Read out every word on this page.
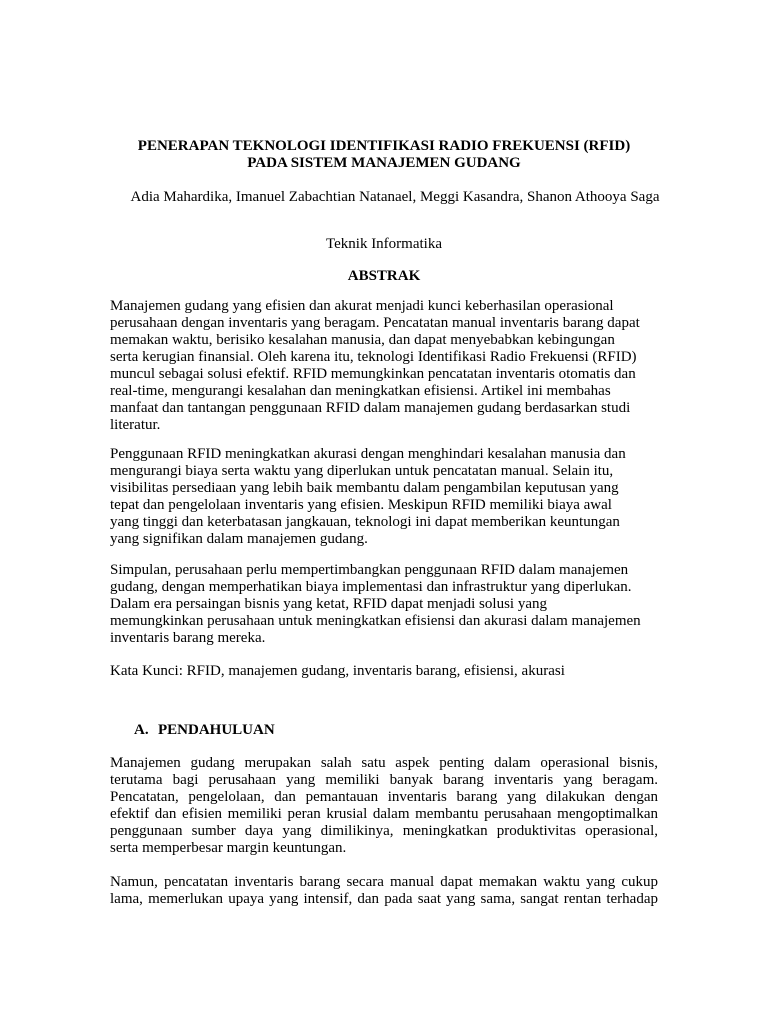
PENERAPAN TEKNOLOGI IDENTIFIKASI RADIO FREKUENSI (RFID)
PADA SISTEM MANAJEMEN GUDANG
Adia Mahardika, Imanuel Zabachtian Natanael, Meggi Kasandra, Shanon Athooya Saga
Teknik Informatika
ABSTRAK

Manajemen gudang yang efisien dan akurat menjadi kunci keberhasilan operasional
perusahaan dengan inventaris yang beragam. Pencatatan manual inventaris barang dapat
memakan waktu, berisiko kesalahan manusia, dan dapat menyebabkan kebingungan
serta kerugian finansial. Oleh karena itu, teknologi Identifikasi Radio Frekuensi (RFID)
muncul sebagai solusi efektif. RFID memungkinkan pencatatan inventaris otomatis dan
real-time, mengurangi kesalahan dan meningkatkan efisiensi. Artikel ini membahas
manfaat dan tantangan penggunaan RFID dalam manajemen gudang berdasarkan studi
literatur.

Penggunaan RFID meningkatkan akurasi dengan menghindari kesalahan manusia dan
mengurangi biaya serta waktu yang diperlukan untuk pencatatan manual. Selain itu,
visibilitas persediaan yang lebih baik membantu dalam pengambilan keputusan yang
tepat dan pengelolaan inventaris yang efisien. Meskipun RFID memiliki biaya awal
yang tinggi dan keterbatasan jangkauan, teknologi ini dapat memberikan keuntungan
yang signifikan dalam manajemen gudang.

Simpulan, perusahaan perlu mempertimbangkan penggunaan RFID dalam manajemen
gudang, dengan memperhatikan biaya implementasi dan infrastruktur yang diperlukan.
Dalam era persaingan bisnis yang ketat, RFID dapat menjadi solusi yang
memungkinkan perusahaan untuk meningkatkan efisiensi dan akurasi dalam manajemen
inventaris barang mereka.

Kata Kunci: RFID, manajemen gudang, inventaris barang, efisiensi, akurasi

A. PENDAHULUAN

Manajemen gudang merupakan salah satu aspek penting dalam operasional bisnis,
terutama bagi perusahaan yang memiliki banyak barang inventaris yang beragam.
Pencatatan, pengelolaan, dan pemantauan inventaris barang yang dilakukan dengan
efektif dan efisien memiliki peran krusial dalam membantu perusahaan mengoptimalkan
penggunaan sumber daya yang dimilikinya, meningkatkan produktivitas operasional,
serta memperbesar margin keuntungan.

Namun, pencatatan inventaris barang secara manual dapat memakan waktu yang cukup
lama, memerlukan upaya yang intensif, dan pada saat yang sama, sangat rentan terhadap
